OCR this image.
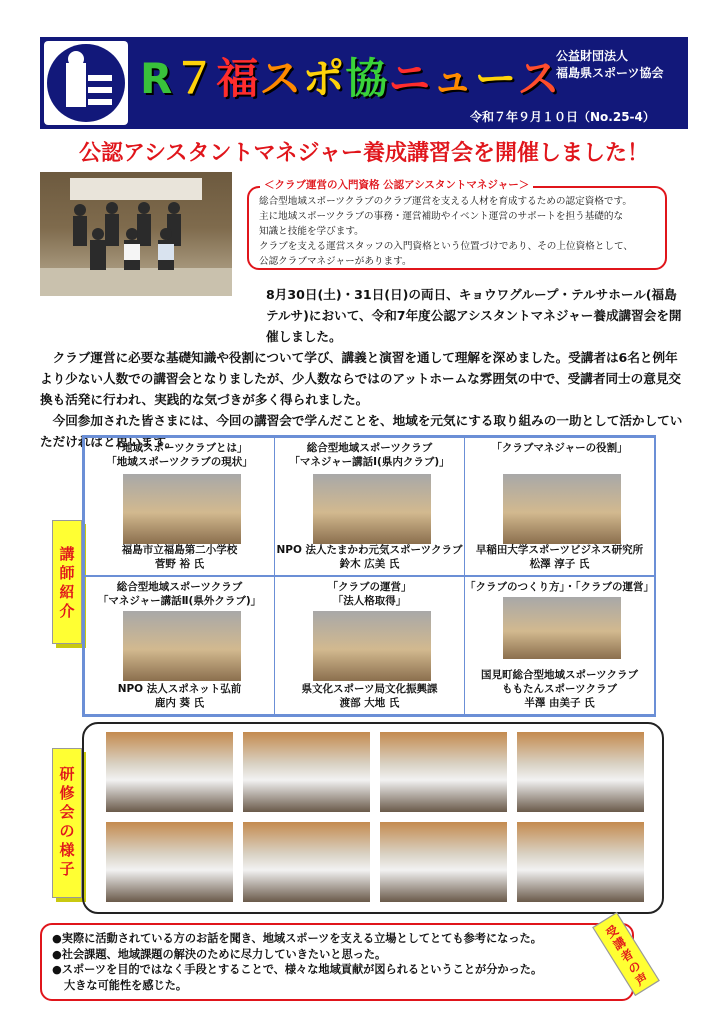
R７福スポ協ニュース
公益財団法人
福島県スポーツ協会
令和７年９月１０日（No.25-4）
公認アシスタントマネジャー養成講習会を開催しました！
総合型地域スポーツクラブのクラブ運営を支える人材を育成するための認定資格です。
主に地域スポーツクラブの事務・運営補助やイベント運営のサポートを担う基礎的な
知識と技能を学びます。
クラブを支える運営スタッフの入門資格という位置づけであり、その上位資格として、
公認クラブマネジャーがあります。
＜クラブ運営の入門資格 公認アシスタントマネジャー＞

8月30日(土)・31日(日)の両日、キョウワグループ・テルサホール(福島テルサ)において、令和7年度公認アシスタントマネジャー養成講習会を開催しました。

クラブ運営に必要な基礎知識や役割について学び、講義と演習を通して理解を深めました。受講者は6名と例年より少ない人数での講習会となりましたが、少人数ならではのアットホームな雰囲気の中で、受講者同士の意見交換も活発に行われ、実践的な気づきが多く得られました。

今回参加された皆さまには、今回の講習会で学んだことを、地域を元気にする取り組みの一助として活かしていただければと思います。

講
師
紹
介
「地域スポーツクラブとは」
「地域スポーツクラブの現状」
福島市立福島第二小学校
菅野 裕 氏
総合型地域スポーツクラブ
「マネジャー講話Ⅰ(県内クラブ)」
NPO 法人たまかわ元気スポーツクラブ
鈴木 広美 氏
「クラブマネジャーの役割」
早稲田大学スポーツビジネス研究所
松澤 淳子 氏
総合型地域スポーツクラブ
「マネジャー講話Ⅱ(県外クラブ)」
NPO 法人スポネット弘前
鹿内 葵 氏
「クラブの運営」
「法人格取得」
県文化スポーツ局文化振興課
渡部 大地 氏
「クラブのつくり方」・「クラブの運営」
国見町総合型地域スポーツクラブ
ももたんスポーツクラブ
半澤 由美子 氏
研
修
会
の
様
子
● 実際に活動されている方のお話を聞き、地域スポーツを支える立場としてとても参考になった。
● 社会課題、地域課題の解決のために尽力していきたいと思った。
● スポーツを目的ではなく手段とすることで、様々な地域貢献が図られるということが分かった。
大きな可能性を感じた。
受講者の声
